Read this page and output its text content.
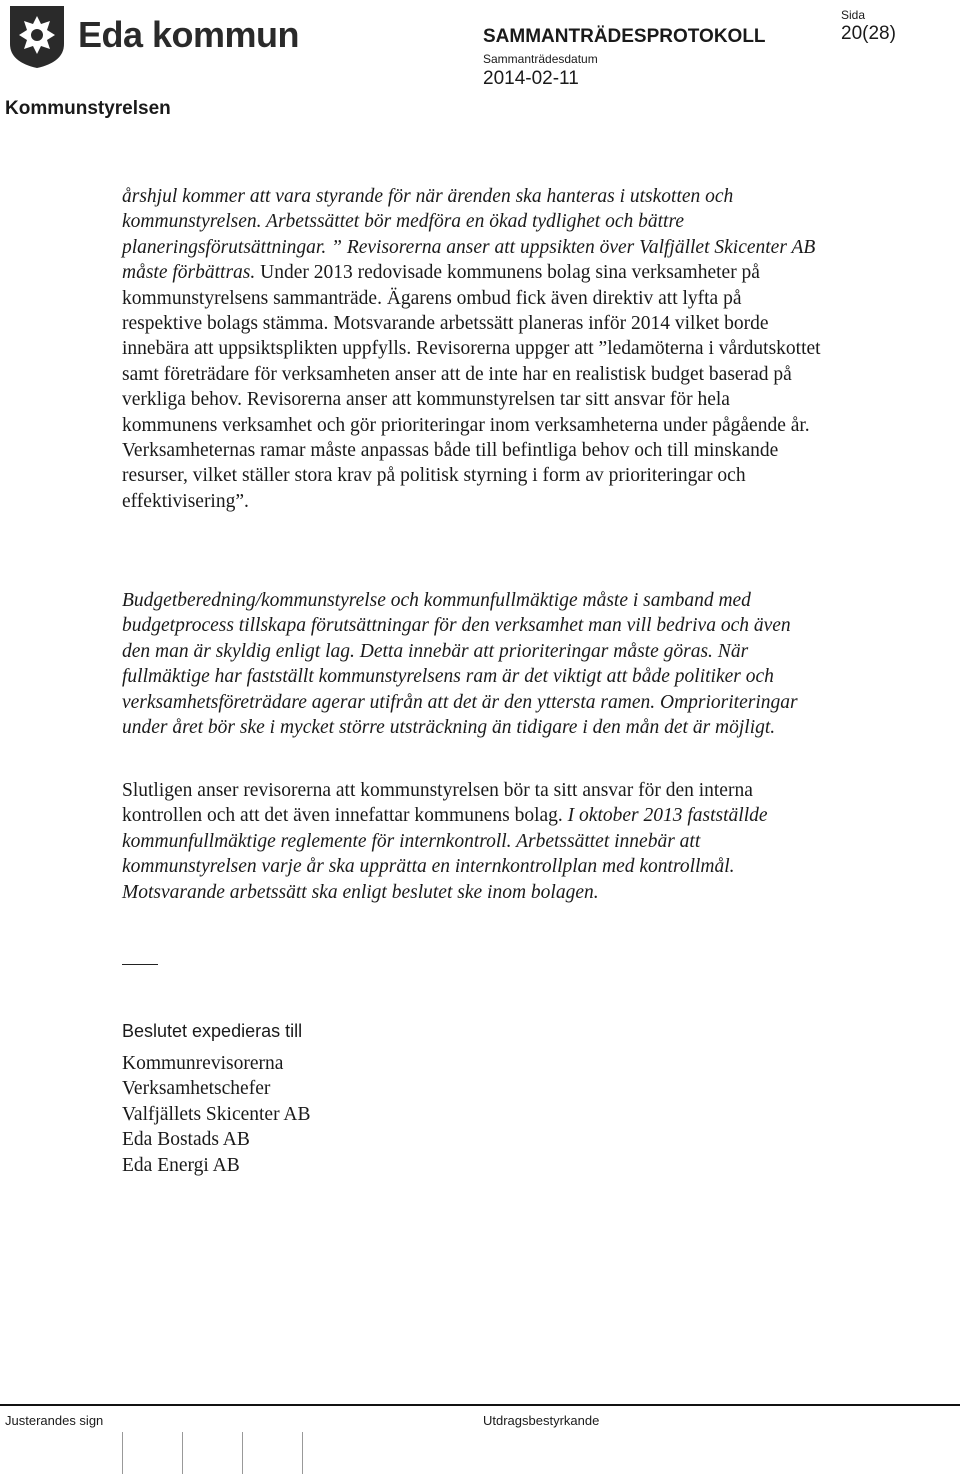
Eda kommun	SAMMANTRÄDESPROTOKOLL
Sammanträdesdatum
2014-02-11
Sida
20(28)
Kommunstyrelsen

årshjul kommer att vara styrande för när ärenden ska hanteras i utskotten och kommunstyrelsen. Arbetssättet bör medföra en ökad tydlighet och bättre planeringsförutsättningar. ” Revisorerna anser att uppsikten över Valfjället Skicenter AB måste förbättras. Under 2013 redovisade kommunens bolag sina verksamheter på kommunstyrelsens sammanträde. Ägarens ombud fick även direktiv att lyfta på respektive bolags stämma. Motsvarande arbetssätt planeras inför 2014 vilket borde innebära att uppsiktsplikten uppfylls. Revisorerna uppger att ”ledamöterna i vårdutskottet samt företrädare för verksamheten anser att de inte har en realistisk budget baserad på verkliga behov. Revisorerna anser att kommunstyrelsen tar sitt ansvar för hela kommunens verksamhet och gör prioriteringar inom verksamheterna under pågående år. Verksamheternas ramar måste anpassas både till befintliga behov och till minskande resurser, vilket ställer stora krav på politisk styrning i form av prioriteringar och effektivisering”.

Budgetberedning/kommunstyrelse och kommunfullmäktige måste i samband med budgetprocess tillskapa förutsättningar för den verksamhet man vill bedriva och även den man är skyldig enligt lag. Detta innebär att prioriteringar måste göras. När fullmäktige har fastställt kommunstyrelsens ram är det viktigt att både politiker och verksamhetsföreträdare agerar utifrån att det är den yttersta ramen. Omprioriteringar under året bör ske i mycket större utsträckning än tidigare i den mån det är möjligt.

Slutligen anser revisorerna att kommunstyrelsen bör ta sitt ansvar för den interna kontrollen och att det även innefattar kommunens bolag. I oktober 2013 fastställde kommunfullmäktige reglemente för internkontroll. Arbetssättet innebär att kommunstyrelsen varje år ska upprätta en internkontrollplan med kontrollmål. Motsvarande arbetssätt ska enligt beslutet ske inom bolagen.

Beslutet expedieras till
Kommunrevisorerna
Verksamhetschefer
Valfjällets Skicenter AB
Eda Bostads AB
Eda Energi AB
Justerandes sign	Utdragsbestyrkande
